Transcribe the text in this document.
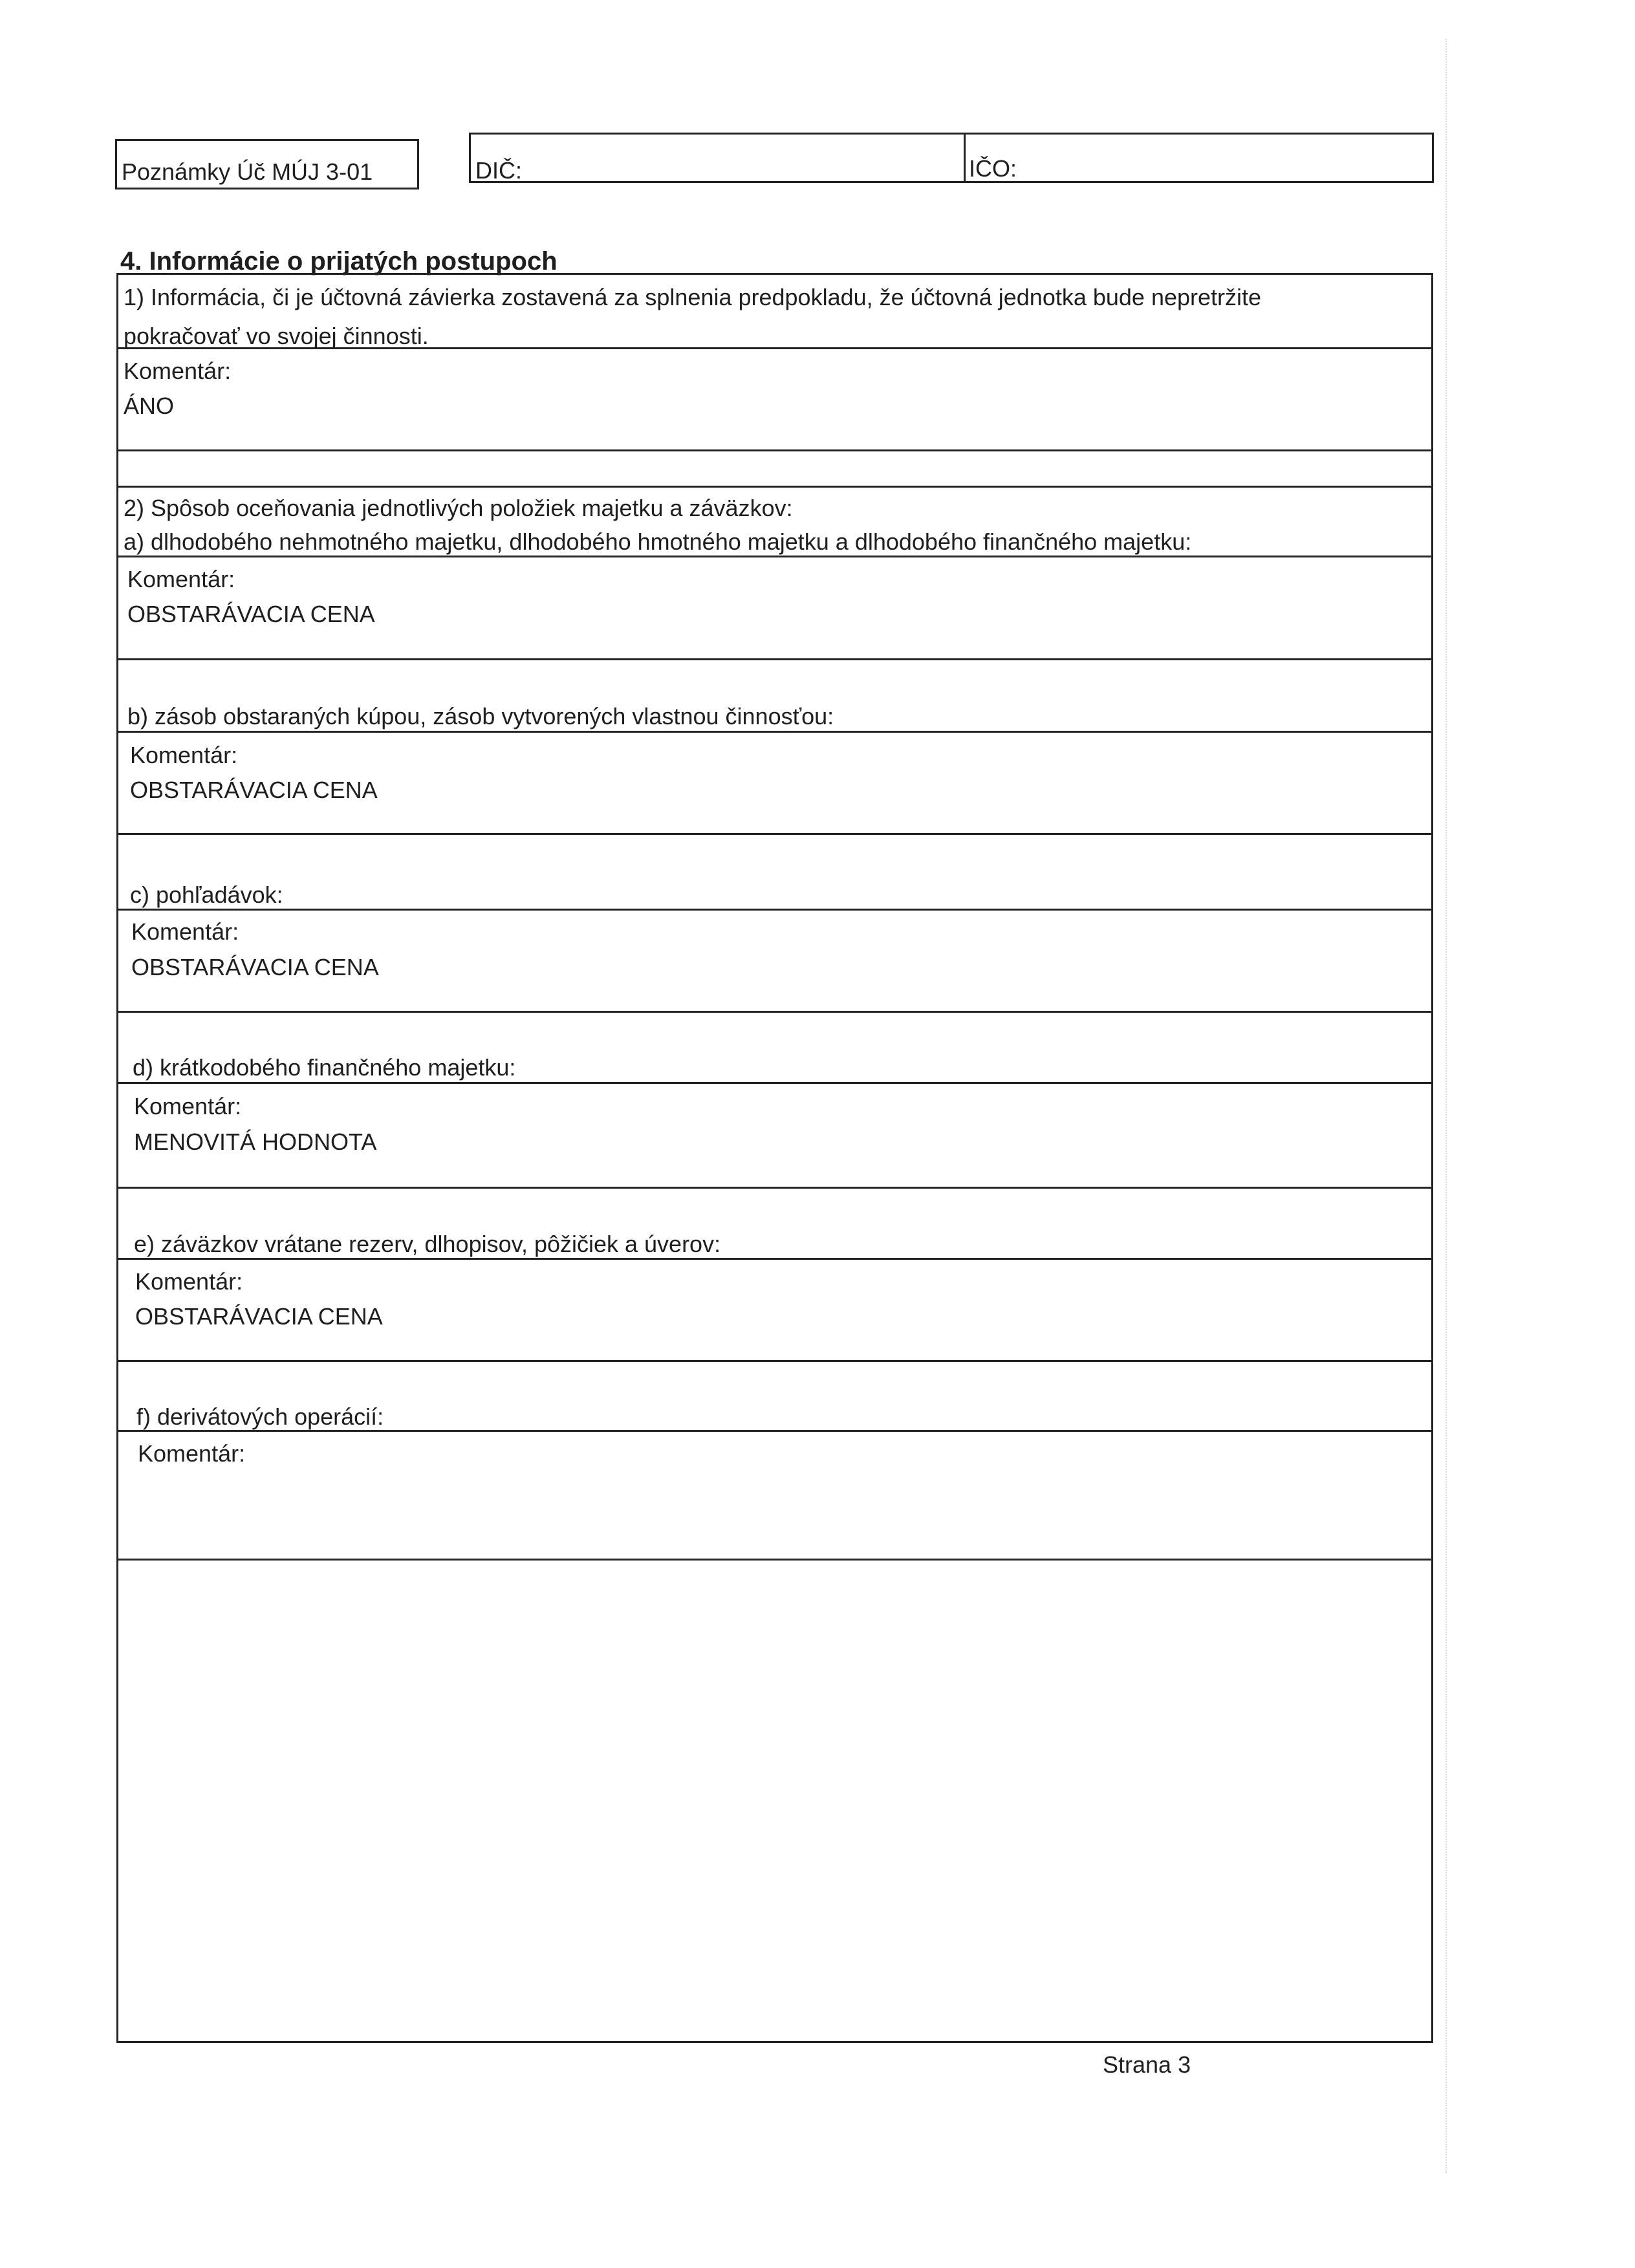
Poznámky Úč MÚJ 3-01	DIČ:	IČO:
4. Informácie o prijatých postupoch
1) Informácia, či je účtovná závierka zostavená za splnenia predpokladu, že účtovná jednotka bude nepretržite
pokračovať vo svojej činnosti.
Komentár:
ÁNO
2) Spôsob oceňovania jednotlivých položiek majetku a záväzkov:
a) dlhodobého nehmotného majetku, dlhodobého hmotného majetku a dlhodobého finančného majetku:
Komentár:
OBSTARÁVACIA CENA
b) zásob obstaraných kúpou, zásob vytvorených vlastnou činnosťou:
Komentár:
OBSTARÁVACIA CENA
c) pohľadávok:
Komentár:
OBSTARÁVACIA CENA
d) krátkodobého finančného majetku:
Komentár:
MENOVITÁ HODNOTA
e) záväzkov vrátane rezerv, dlhopisov, pôžičiek a úverov:
Komentár:
OBSTARÁVACIA CENA
f) derivátových operácií:
Komentár:
Strana 3
